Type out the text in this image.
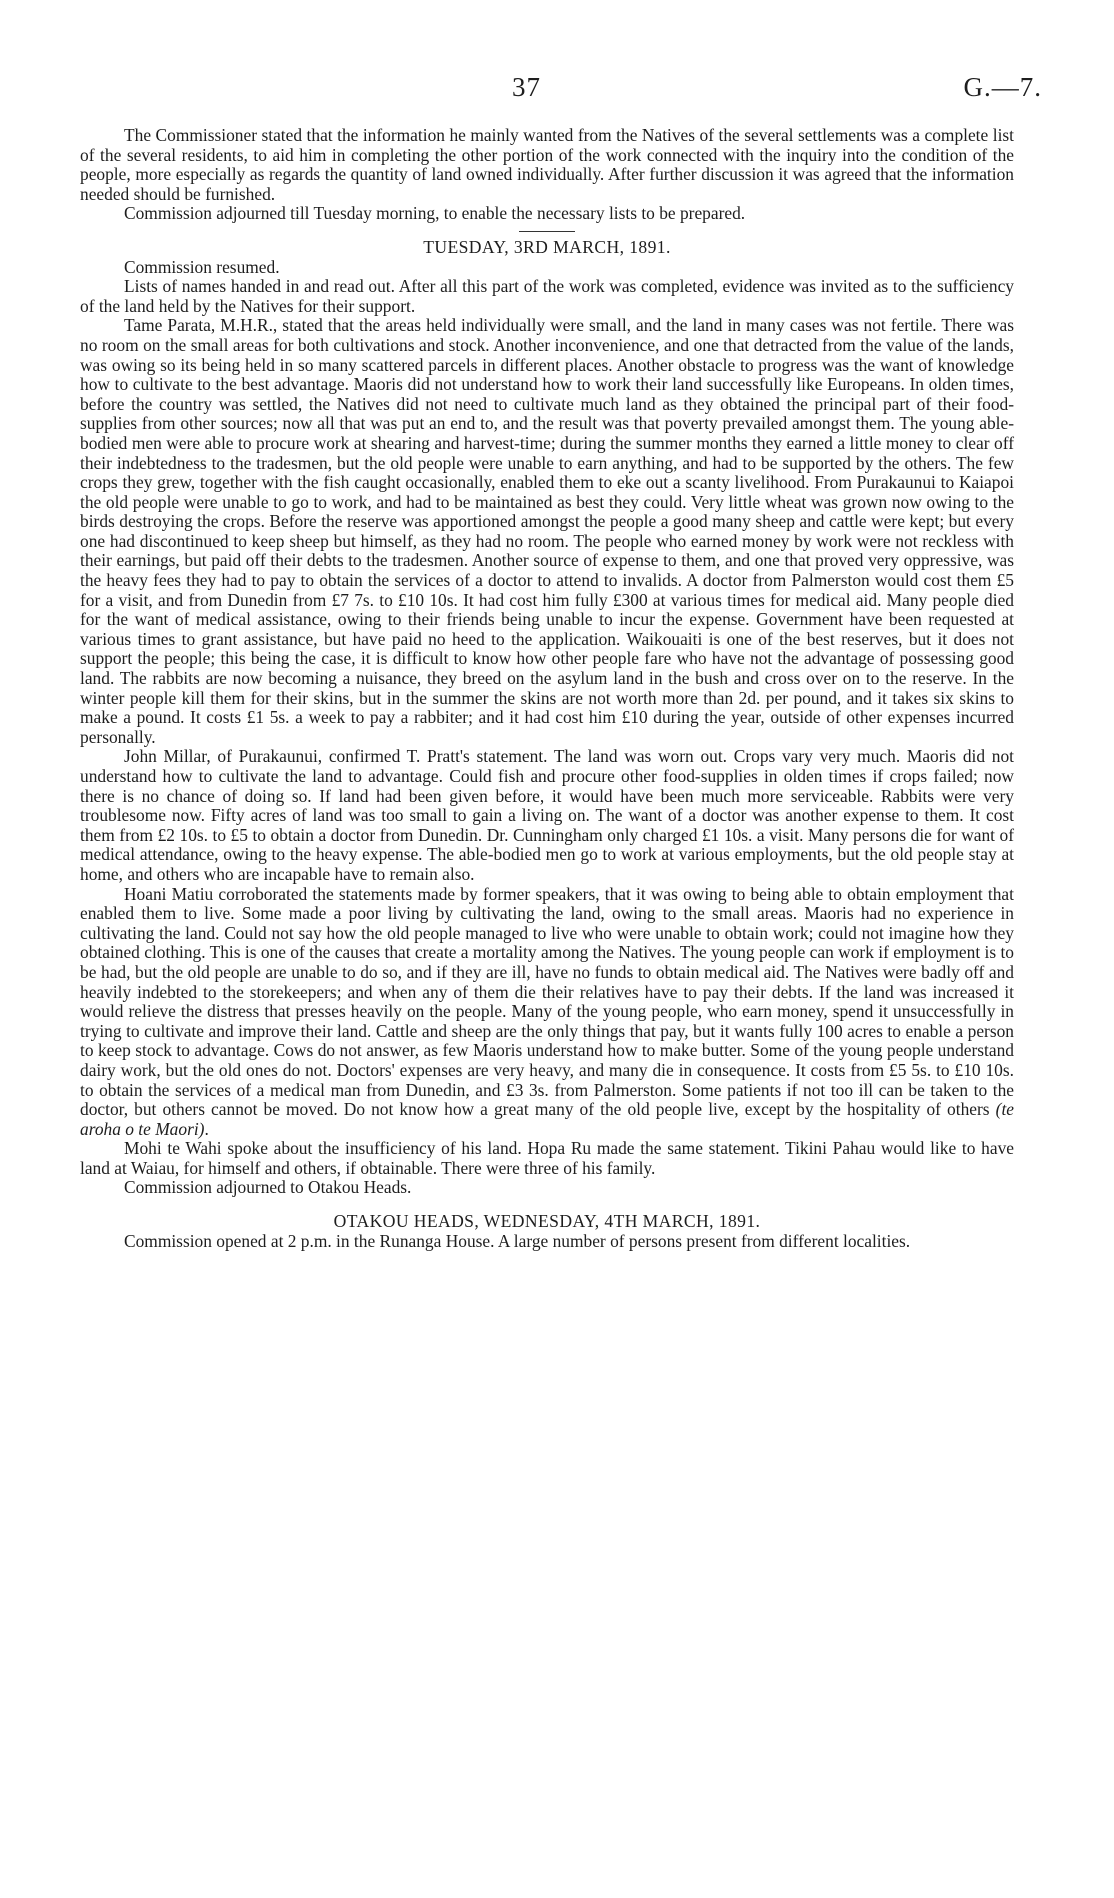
37	G.—7.

The Commissioner stated that the information he mainly wanted from the Natives of the several settlements was a complete list of the several residents, to aid him in completing the other portion of the work connected with the inquiry into the condition of the people, more especially as regards the quantity of land owned individually. After further discussion it was agreed that the information needed should be furnished.

Commission adjourned till Tuesday morning, to enable the necessary lists to be prepared.

TUESDAY, 3RD MARCH, 1891.

Commission resumed.

Lists of names handed in and read out. After all this part of the work was completed, evidence was invited as to the sufficiency of the land held by the Natives for their support.

Tame Parata, M.H.R., stated that the areas held individually were small, and the land in many cases was not fertile. There was no room on the small areas for both cultivations and stock. Another inconvenience, and one that detracted from the value of the lands, was owing so its being held in so many scattered parcels in different places. Another obstacle to progress was the want of knowledge how to cultivate to the best advantage. Maoris did not understand how to work their land successfully like Europeans. In olden times, before the country was settled, the Natives did not need to cultivate much land as they obtained the principal part of their food-supplies from other sources; now all that was put an end to, and the result was that poverty prevailed amongst them. The young able-bodied men were able to procure work at shearing and harvest-time; during the summer months they earned a little money to clear off their indebtedness to the tradesmen, but the old people were unable to earn anything, and had to be supported by the others. The few crops they grew, together with the fish caught occasionally, enabled them to eke out a scanty livelihood. From Purakaunui to Kaiapoi the old people were unable to go to work, and had to be maintained as best they could. Very little wheat was grown now owing to the birds destroying the crops. Before the reserve was apportioned amongst the people a good many sheep and cattle were kept; but every one had discontinued to keep sheep but himself, as they had no room. The people who earned money by work were not reckless with their earnings, but paid off their debts to the tradesmen. Another source of expense to them, and one that proved very oppressive, was the heavy fees they had to pay to obtain the services of a doctor to attend to invalids. A doctor from Palmerston would cost them £5 for a visit, and from Dunedin from £7 7s. to £10 10s. It had cost him fully £300 at various times for medical aid. Many people died for the want of medical assistance, owing to their friends being unable to incur the expense. Government have been requested at various times to grant assistance, but have paid no heed to the application. Waikouaiti is one of the best reserves, but it does not support the people; this being the case, it is difficult to know how other people fare who have not the advantage of possessing good land. The rabbits are now becoming a nuisance, they breed on the asylum land in the bush and cross over on to the reserve. In the winter people kill them for their skins, but in the summer the skins are not worth more than 2d. per pound, and it takes six skins to make a pound. It costs £1 5s. a week to pay a rabbiter; and it had cost him £10 during the year, outside of other expenses incurred personally.

John Millar, of Purakaunui, confirmed T. Pratt's statement. The land was worn out. Crops vary very much. Maoris did not understand how to cultivate the land to advantage. Could fish and procure other food-supplies in olden times if crops failed; now there is no chance of doing so. If land had been given before, it would have been much more serviceable. Rabbits were very troublesome now. Fifty acres of land was too small to gain a living on. The want of a doctor was another expense to them. It cost them from £2 10s. to £5 to obtain a doctor from Dunedin. Dr. Cunningham only charged £1 10s. a visit. Many persons die for want of medical attendance, owing to the heavy expense. The able-bodied men go to work at various employments, but the old people stay at home, and others who are incapable have to remain also.

Hoani Matiu corroborated the statements made by former speakers, that it was owing to being able to obtain employment that enabled them to live. Some made a poor living by cultivating the land, owing to the small areas. Maoris had no experience in cultivating the land. Could not say how the old people managed to live who were unable to obtain work; could not imagine how they obtained clothing. This is one of the causes that create a mortality among the Natives. The young people can work if employment is to be had, but the old people are unable to do so, and if they are ill, have no funds to obtain medical aid. The Natives were badly off and heavily indebted to the storekeepers; and when any of them die their relatives have to pay their debts. If the land was increased it would relieve the distress that presses heavily on the people. Many of the young people, who earn money, spend it unsuccessfully in trying to cultivate and improve their land. Cattle and sheep are the only things that pay, but it wants fully 100 acres to enable a person to keep stock to advantage. Cows do not answer, as few Maoris understand how to make butter. Some of the young people understand dairy work, but the old ones do not. Doctors' expenses are very heavy, and many die in consequence. It costs from £5 5s. to £10 10s. to obtain the services of a medical man from Dunedin, and £3 3s. from Palmerston. Some patients if not too ill can be taken to the doctor, but others cannot be moved. Do not know how a great many of the old people live, except by the hospitality of others (te aroha o te Maori).

Mohi te Wahi spoke about the insufficiency of his land. Hopa Ru made the same statement. Tikini Pahau would like to have land at Waiau, for himself and others, if obtainable. There were three of his family.

Commission adjourned to Otakou Heads.

OTAKOU HEADS, WEDNESDAY, 4TH MARCH, 1891.

Commission opened at 2 p.m. in the Runanga House. A large number of persons present from different localities.
